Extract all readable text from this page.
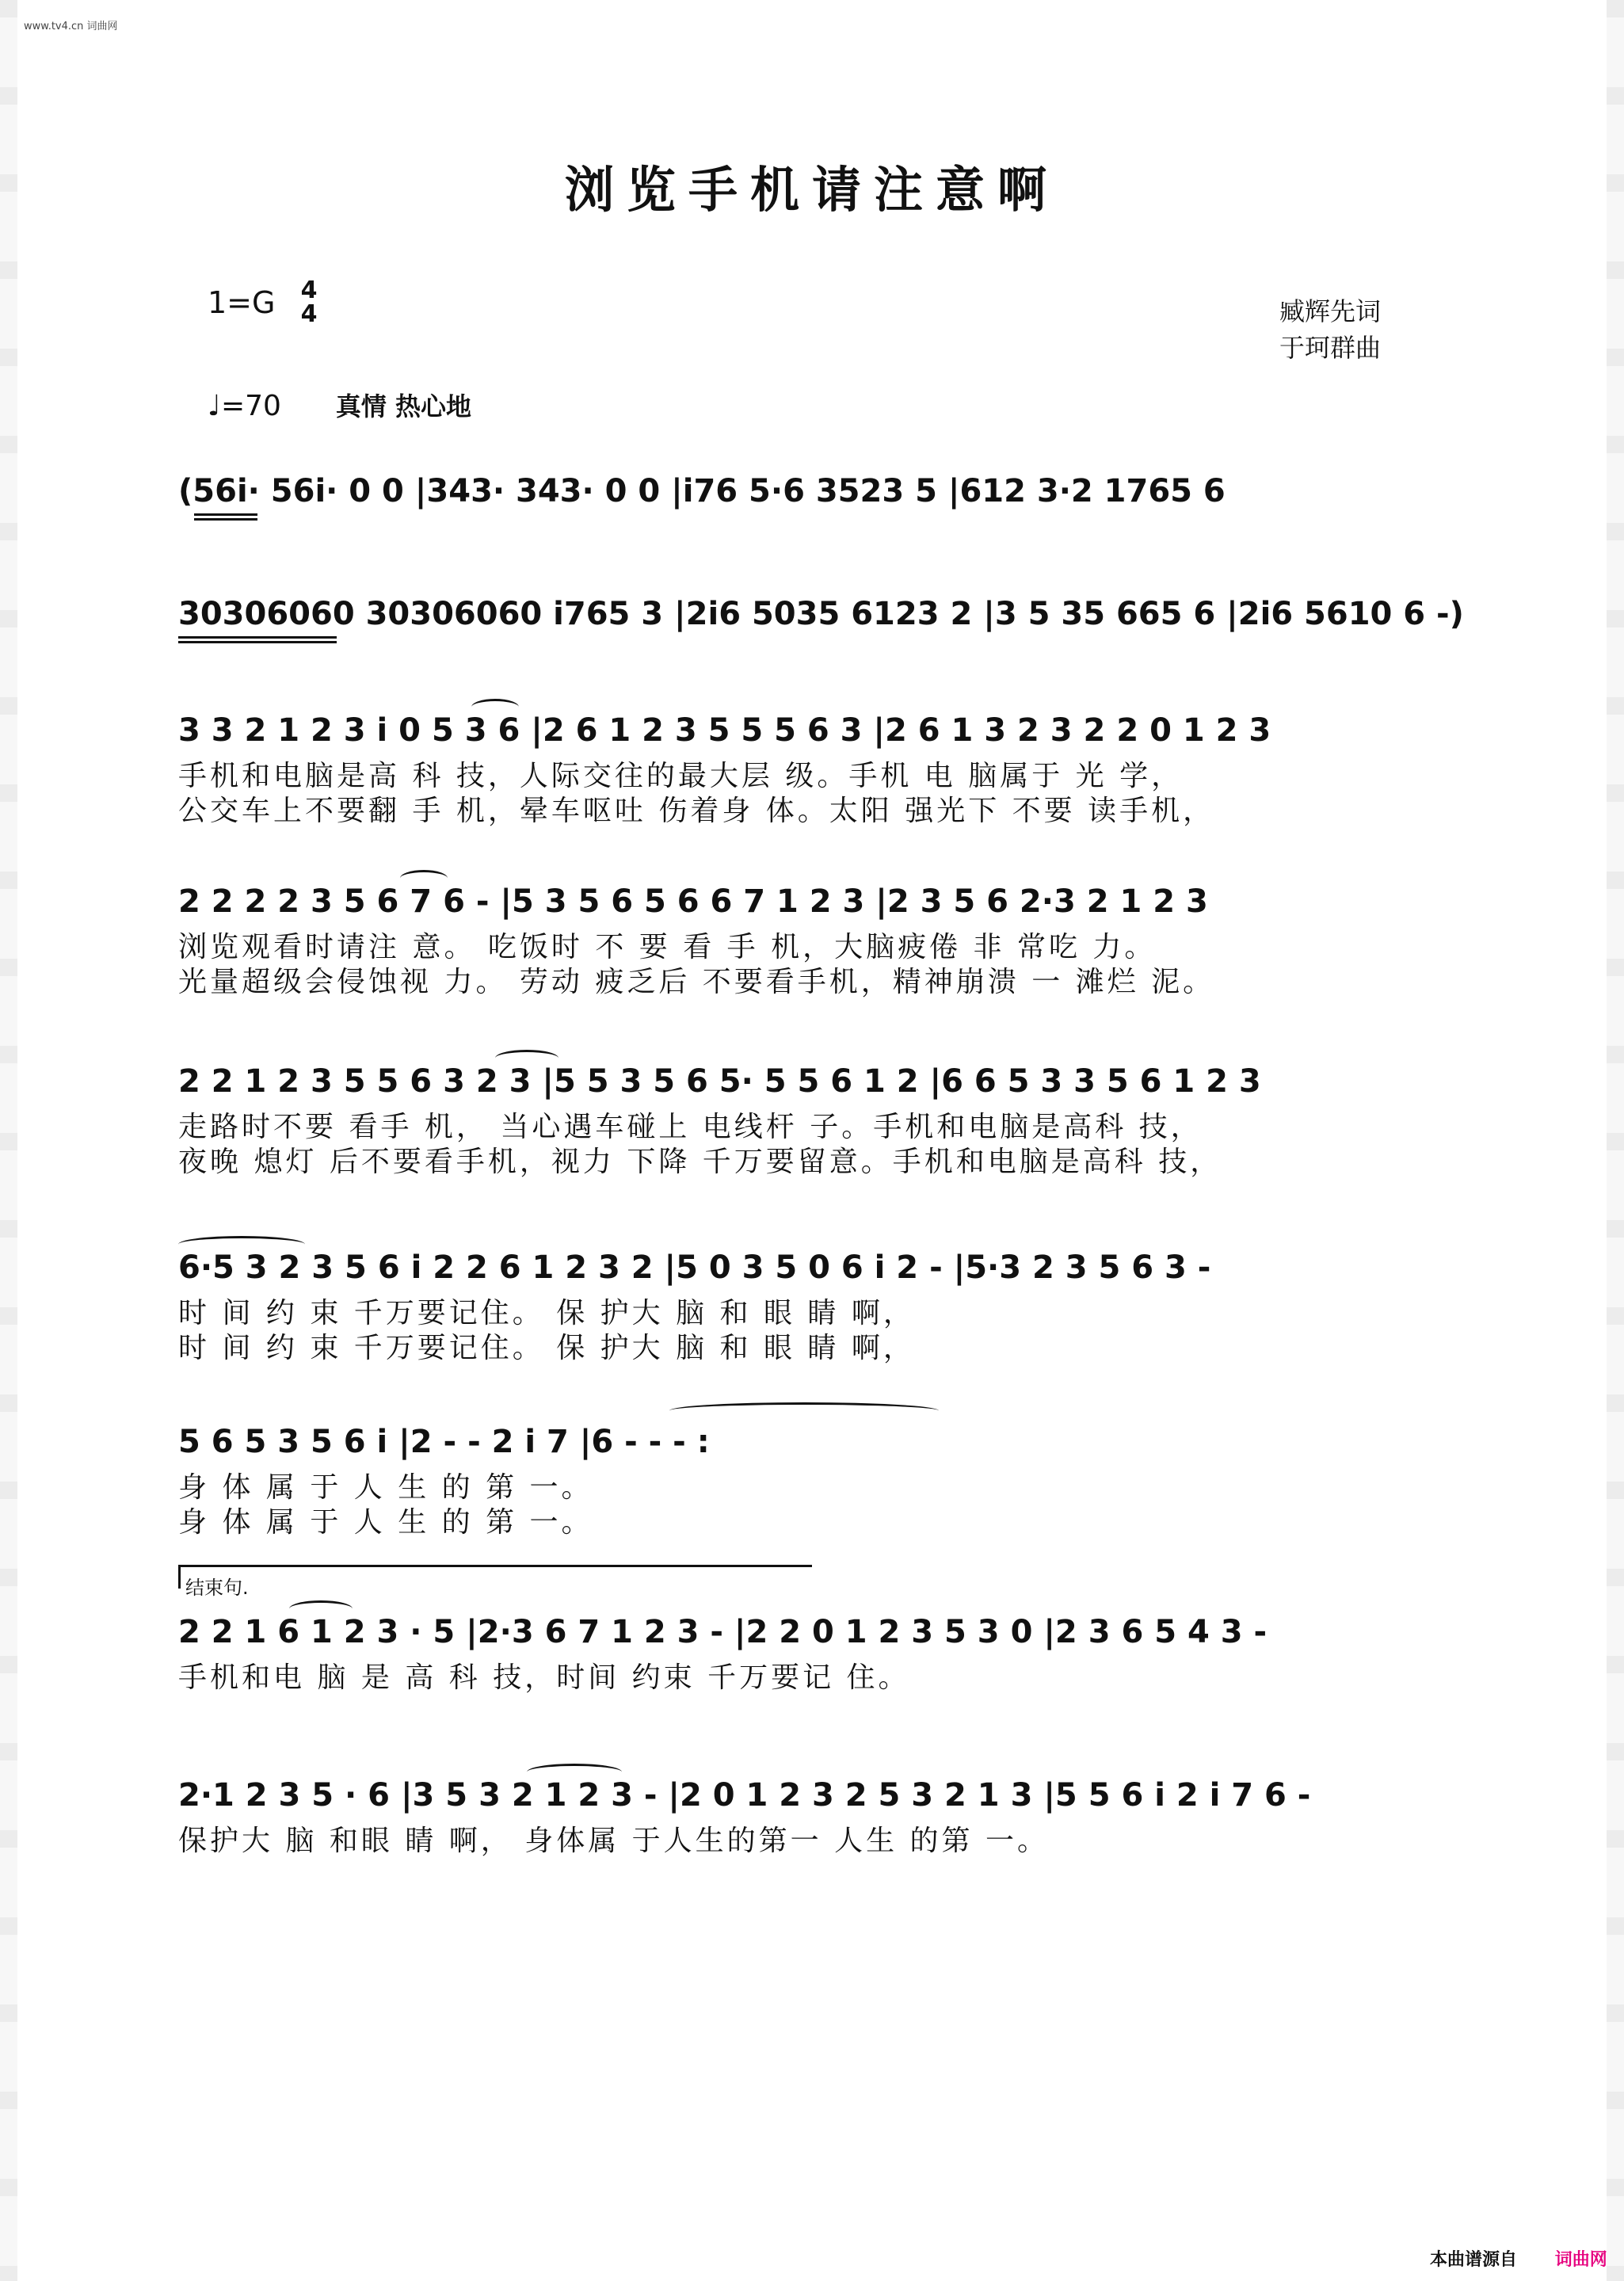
www.tv4.cn 词曲网
浏览手机请注意啊
1=G 4
4	臧辉先词
于珂群曲
♩=70 真情 热心地
(56i· 56i· 0 0 |343· 343· 0 0 |i76 5·6 3523 5 |612 3·2 1765 6
30306060 30306060 i765 3 |2i6 5035 6123 2 |3 5 35 665 6 |2i6 5610 6 -)
3 3 2 1 2 3 i 0 5 3 6 |2 6 1 2 3 5 5 5 6 3 |2 6 1 3 2 3 2 2 0 1 2 3
手机和电脑是高 科 技，人际交往的最大层 级。手机 电 脑属于 光 学，
公交车上不要翻 手 机，晕车呕吐 伤着身 体。太阳 强光下 不要 读手机，
2 2 2 2 3 5 6 7 6 - |5 3 5 6 5 6 6 7 1 2 3 |2 3 5 6 2·3 2 1 2 3
浏览观看时请注 意。 吃饭时 不 要 看 手 机，大脑疲倦 非 常吃 力。
光量超级会侵蚀视 力。 劳动 疲乏后 不要看手机，精神崩溃 一 滩烂 泥。
2 2 1 2 3 5 5 6 3 2 3 |5 5 3 5 6 5· 5 5 6 1 2 |6 6 5 3 3 5 6 1 2 3
走路时不要 看手 机， 当心遇车碰上 电线杆 子。手机和电脑是高科 技，
夜晚 熄灯 后不要看手机，视力 下降 千万要留意。手机和电脑是高科 技，
6·5 3 2 3 5 6 i 2 2 6 1 2 3 2 |5 0 3 5 0 6 i 2 - |5·3 2 3 5 6 3 -
时 间 约 束 千万要记住。 保 护大 脑 和 眼 睛 啊，
时 间 约 束 千万要记住。 保 护大 脑 和 眼 睛 啊，
5 6 5 3 5 6 i |2 - - 2 i 7 |6 - - - :
身 体 属 于 人 生 的 第 一。
身 体 属 于 人 生 的 第 一。
结束句.
2 2 1 6 1 2 3 · 5 |2·3 6 7 1 2 3 - |2 2 0 1 2 3 5 3 0 |2 3 6 5 4 3 -
手机和电 脑 是 高 科 技，时间 约束 千万要记 住。
2·1 2 3 5 · 6 |3 5 3 2 1 2 3 - |2 0 1 2 3 2 5 3 2 1 3 |5 5 6 i 2 i 7 6 -
保护大 脑 和眼 睛 啊， 身体属 于人生的第一 人生 的第 一。
本曲谱源自 词曲网
